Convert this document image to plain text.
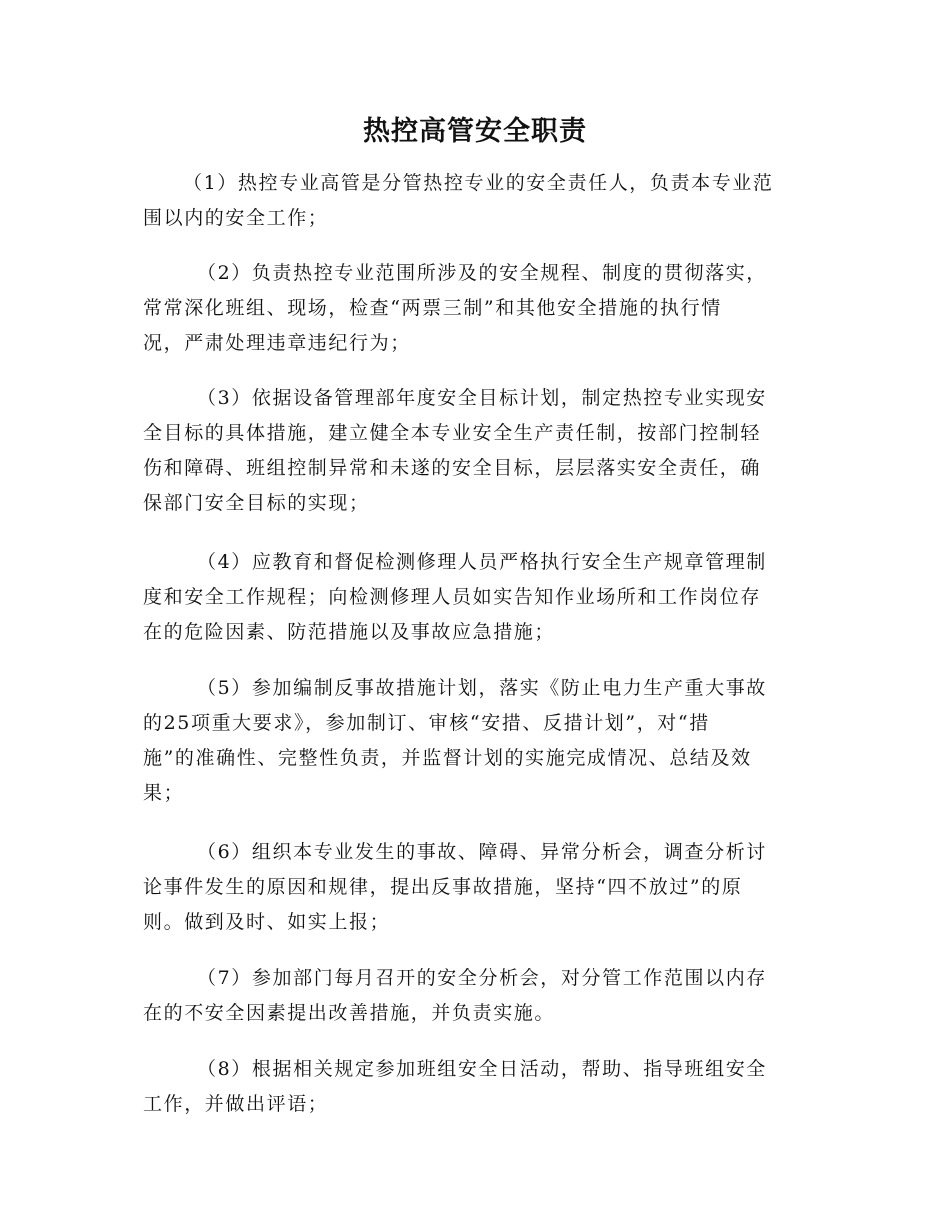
热控高管安全职责
（1）热控专业高管是分管热控专业的安全责任人，负责本专业范
围以内的安全工作；
（2）负责热控专业范围所涉及的安全规程、制度的贯彻落实，
常常深化班组、现场，检查“两票三制”和其他安全措施的执行情
况，严肃处理违章违纪行为；
（3）依据设备管理部年度安全目标计划，制定热控专业实现安
全目标的具体措施，建立健全本专业安全生产责任制，按部门控制轻
伤和障碍、班组控制异常和未遂的安全目标，层层落实安全责任，确
保部门安全目标的实现；
（4）应教育和督促检测修理人员严格执行安全生产规章管理制
度和安全工作规程；向检测修理人员如实告知作业场所和工作岗位存
在的危险因素、防范措施以及事故应急措施；
（5）参加编制反事故措施计划，落实《防止电力生产重大事故
的25项重大要求》，参加制订、审核“安措、反措计划”，对“措
施”的准确性、完整性负责，并监督计划的实施完成情况、总结及效
果；
（6）组织本专业发生的事故、障碍、异常分析会，调查分析讨
论事件发生的原因和规律，提出反事故措施，坚持“四不放过”的原
则。做到及时、如实上报；
（7）参加部门每月召开的安全分析会，对分管工作范围以内存
在的不安全因素提出改善措施，并负责实施。
（8）根据相关规定参加班组安全日活动，帮助、指导班组安全
工作，并做出评语；
